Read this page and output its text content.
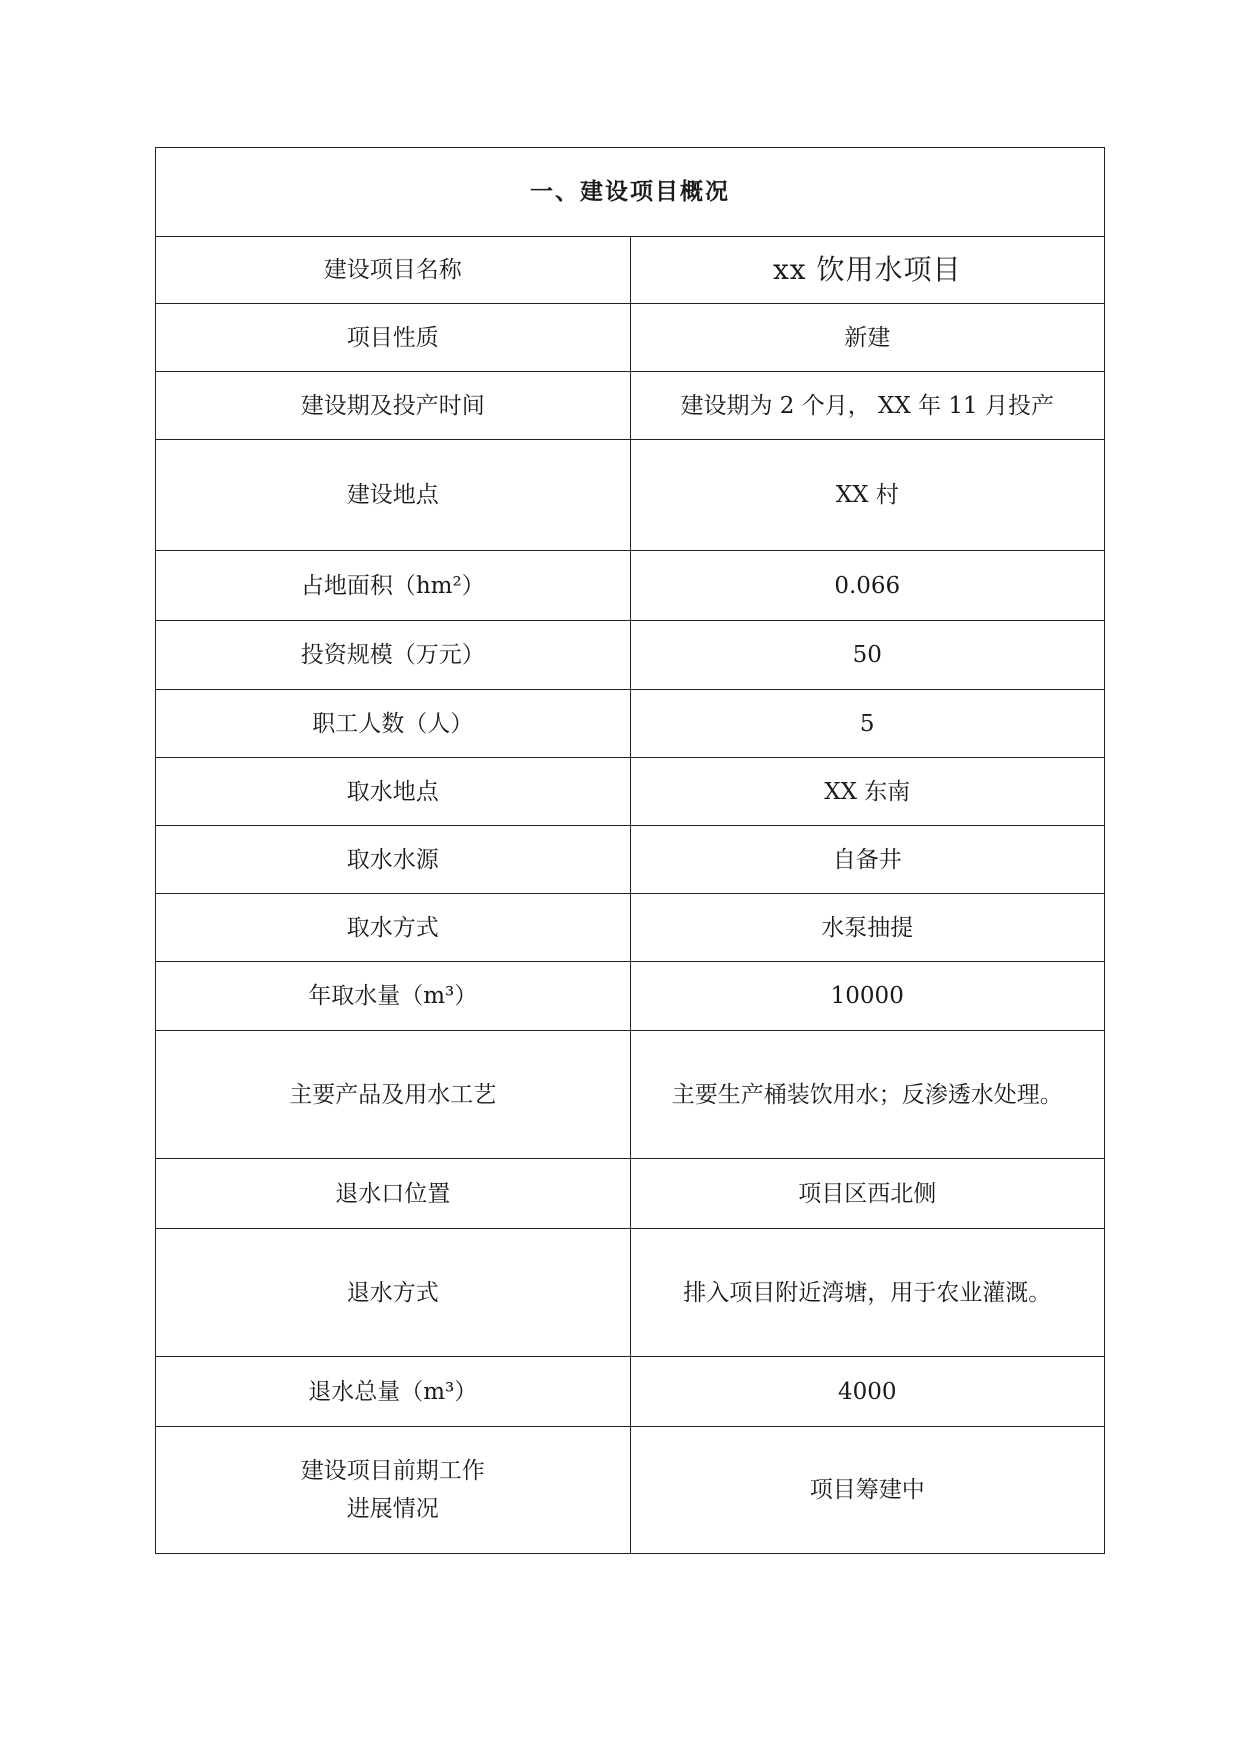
一、建设项目概况	
建设项目名称	xx 饮用水项目
项目性质	新建
建设期及投产时间	建设期为 2 个月， XX 年 11 月投产
建设地点	XX 村
占地面积（hm²）	0.066
投资规模（万元）	50
职工人数（人）	5
取水地点	XX 东南
取水水源	自备井
取水方式	水泵抽提
年取水量（m³）	10000
主要产品及用水工艺	主要生产桶装饮用水；反渗透水处理。
退水口位置	项目区西北侧
退水方式	排入项目附近湾塘，用于农业灌溉。
退水总量（m³）	4000
建设项目前期工作
进展情况	项目筹建中
